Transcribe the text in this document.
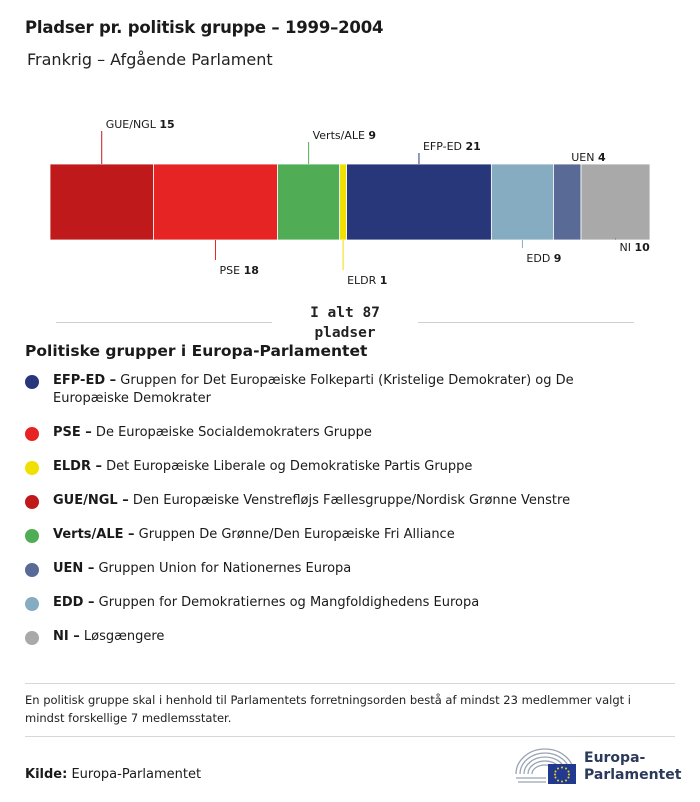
Pladser pr. politisk gruppe – 1999–2004
Frankrig – Afgående Parlament
GUE/NGL 15
PSE 18
Verts/ALE 9
ELDR 1
EFP-ED 21
EDD 9
UEN 4
NI 10
I alt 87
pladser
Politiske grupper i Europa-Parlamentet
EFP-ED – Gruppen for Det Europæiske Folkeparti (Kristelige Demokrater) og De Europæiske Demokrater
PSE – De Europæiske Socialdemokraters Gruppe
ELDR – Det Europæiske Liberale og Demokratiske Partis Gruppe
GUE/NGL – Den Europæiske Venstrefløjs Fællesgruppe/Nordisk Grønne Venstre
Verts/ALE – Gruppen De Grønne/Den Europæiske Fri Alliance
UEN – Gruppen Union for Nationernes Europa
EDD – Gruppen for Demokratiernes og Mangfoldighedens Europa
NI – Løsgængere
En politisk gruppe skal i henhold til Parlamentets forretningsorden bestå af mindst 23 medlemmer valgt i mindst forskellige 7 medlemsstater.
Kilde: Europa-Parlamentet
Europa-
Parlamentet
